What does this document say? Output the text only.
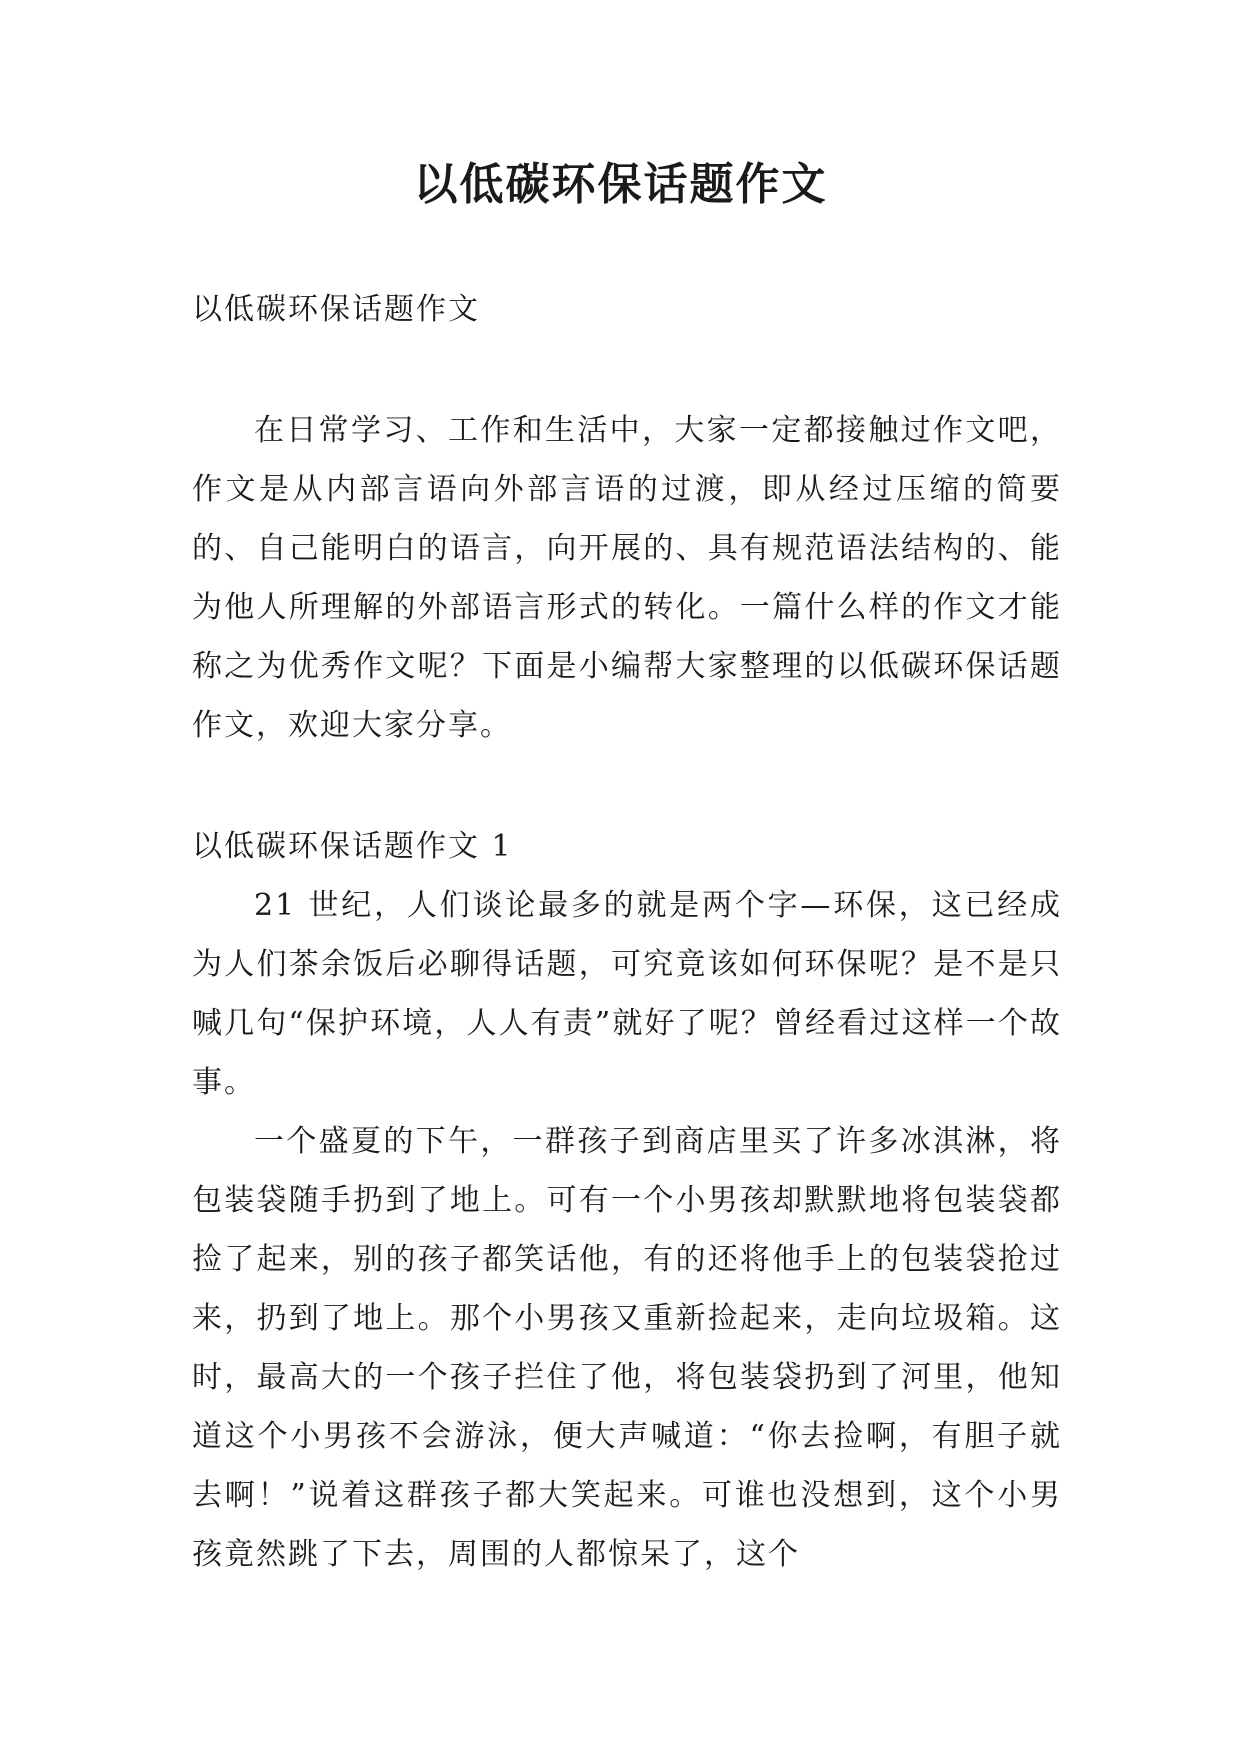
以低碳环保话题作文

以低碳环保话题作文

在日常学习、工作和生活中，大家一定都接触过作文吧，作文是从内部言语向外部言语的过渡，即从经过压缩的简要的、自己能明白的语言，向开展的、具有规范语法结构的、能为他人所理解的外部语言形式的转化。一篇什么样的作文才能称之为优秀作文呢？下面是小编帮大家整理的以低碳环保话题作文，欢迎大家分享。

以低碳环保话题作文 1

21 世纪，人们谈论最多的就是两个字—环保，这已经成为人们茶余饭后必聊得话题，可究竟该如何环保呢？是不是只喊几句“保护环境，人人有责”就好了呢？曾经看过这样一个故事。

一个盛夏的下午，一群孩子到商店里买了许多冰淇淋，将包装袋随手扔到了地上。可有一个小男孩却默默地将包装袋都捡了起来，别的孩子都笑话他，有的还将他手上的包装袋抢过来，扔到了地上。那个小男孩又重新捡起来，走向垃圾箱。这时，最高大的一个孩子拦住了他，将包装袋扔到了河里，他知道这个小男孩不会游泳，便大声喊道：“你去捡啊，有胆子就去啊！”说着这群孩子都大笑起来。可谁也没想到，这个小男孩竟然跳了下去，周围的人都惊呆了，这个
